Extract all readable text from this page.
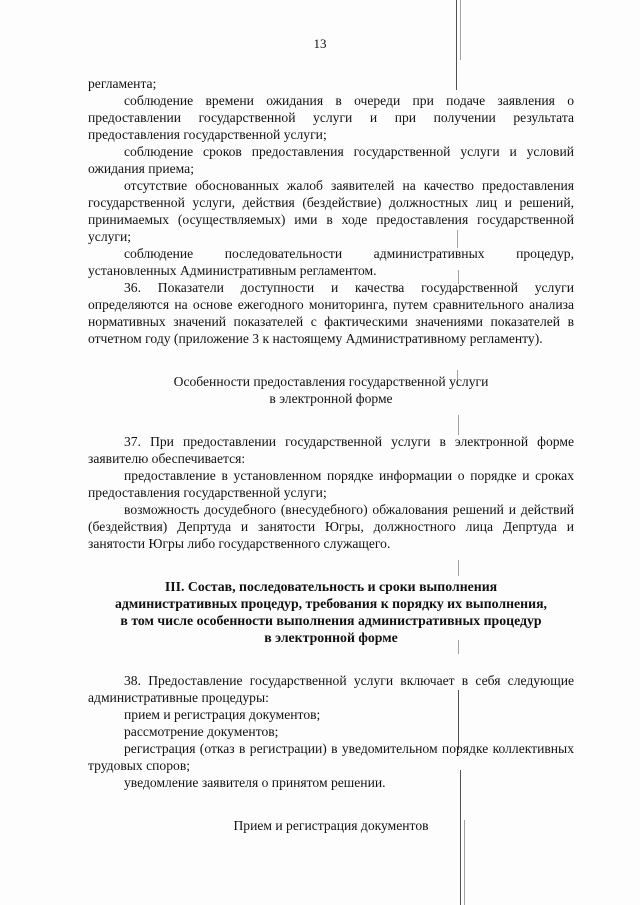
13

регламента;

соблюдение времени ожидания в очереди при подаче заявления о предоставлении государственной услуги и при получении результата предоставления государственной услуги;

соблюдение сроков предоставления государственной услуги и условий ожидания приема;

отсутствие обоснованных жалоб заявителей на качество предоставления государственной услуги, действия (бездействие) должностных лиц и решений, принимаемых (осуществляемых) ими в ходе предоставления государственной услуги;

соблюдение последовательности административных процедур, установленных Административным регламентом.

36. Показатели доступности и качества государственной услуги определяются на основе ежегодного мониторинга, путем сравнительного анализа нормативных значений показателей с фактическими значениями показателей в отчетном году (приложение 3 к настоящему Административному регламенту).

Особенности предоставления государственной услуги

в электронной форме

37. При предоставлении государственной услуги в электронной форме заявителю обеспечивается:

предоставление в установленном порядке информации о порядке и сроках предоставления государственной услуги;

возможность досудебного (внесудебного) обжалования решений и действий (бездействия) Депртуда и занятости Югры, должностного лица Депртуда и занятости Югры либо государственного служащего.

III. Состав, последовательность и сроки выполнения

административных процедур, требования к порядку их выполнения,

в том числе особенности выполнения административных процедур

в электронной форме

38. Предоставление государственной услуги включает в себя следующие административные процедуры:

прием и регистрация документов;

рассмотрение документов;

регистрация (отказ в регистрации) в уведомительном порядке коллективных трудовых споров;

уведомление заявителя о принятом решении.

Прием и регистрация документов
